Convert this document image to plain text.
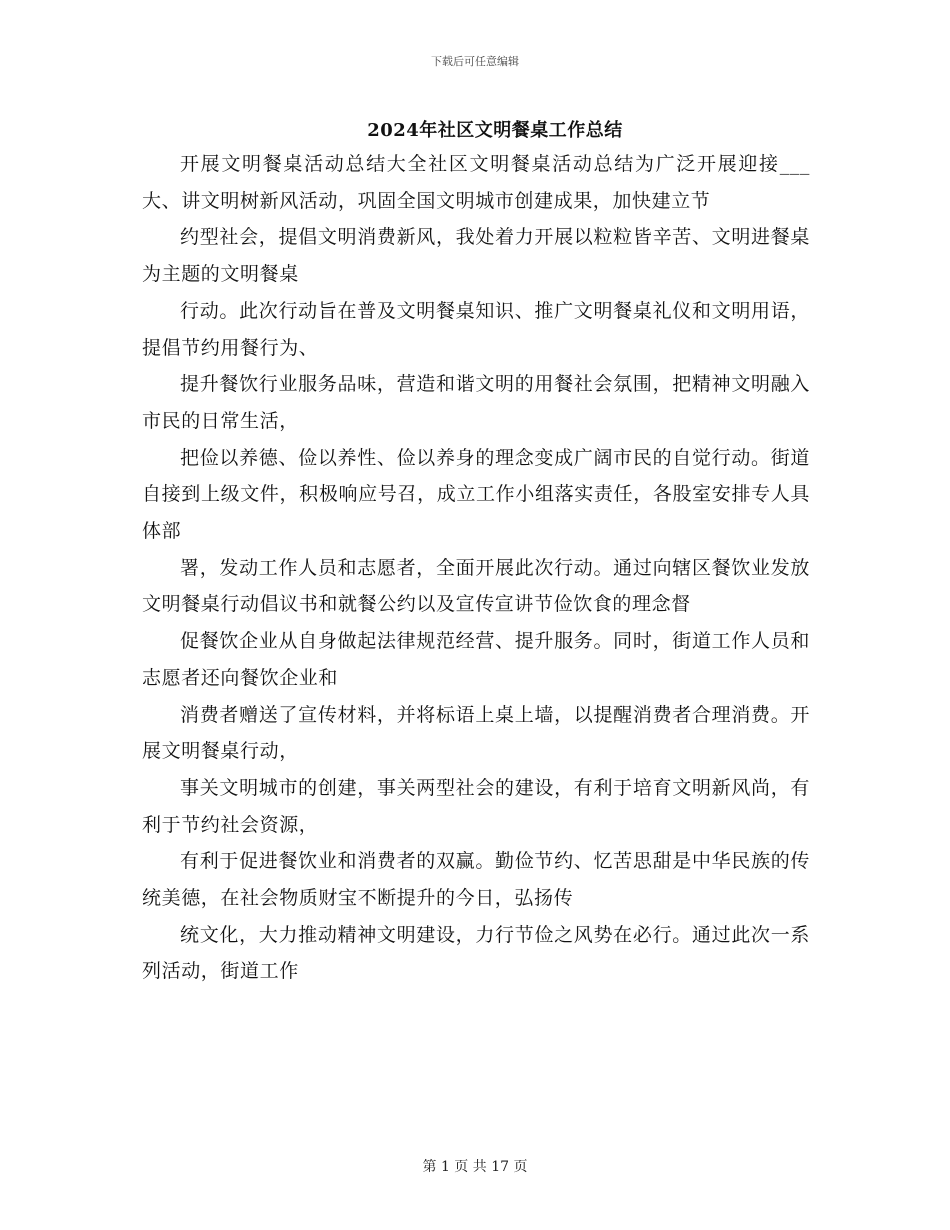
下载后可任意编辑
2024年社区文明餐桌工作总结

开展文明餐桌活动总结大全社区文明餐桌活动总结为广泛开展迎接___大、讲文明树新风活动，巩固全国文明城市创建成果，加快建立节

约型社会，提倡文明消费新风，我处着力开展以粒粒皆辛苦、文明进餐桌为主题的文明餐桌

行动。此次行动旨在普及文明餐桌知识、推广文明餐桌礼仪和文明用语，提倡节约用餐行为、

提升餐饮行业服务品味，营造和谐文明的用餐社会氛围，把精神文明融入市民的日常生活，

把俭以养德、俭以养性、俭以养身的理念变成广阔市民的自觉行动。街道自接到上级文件，积极响应号召，成立工作小组落实责任，各股室安排专人具体部

署，发动工作人员和志愿者，全面开展此次行动。通过向辖区餐饮业发放文明餐桌行动倡议书和就餐公约以及宣传宣讲节俭饮食的理念督

促餐饮企业从自身做起法律规范经营、提升服务。同时，街道工作人员和志愿者还向餐饮企业和

消费者赠送了宣传材料，并将标语上桌上墙，以提醒消费者合理消费。开展文明餐桌行动，

事关文明城市的创建，事关两型社会的建设，有利于培育文明新风尚，有利于节约社会资源，

有利于促进餐饮业和消费者的双赢。勤俭节约、忆苦思甜是中华民族的传统美德，在社会物质财宝不断提升的今日，弘扬传

统文化，大力推动精神文明建设，力行节俭之风势在必行。通过此次一系列活动，街道工作

第 1 页 共 17 页
